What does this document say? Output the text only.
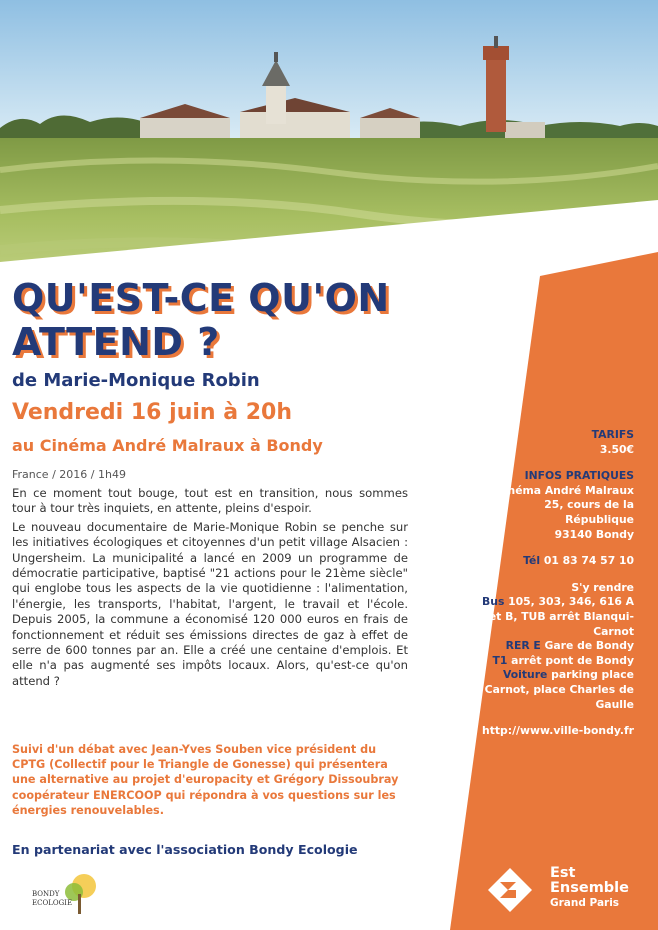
QU'EST-CE QU'ON ATTEND ?
de Marie-Monique Robin
Vendredi 16 juin à 20h
au Cinéma André Malraux à Bondy
France / 2016 / 1h49

En ce moment tout bouge, tout est en transition, nous sommes tour à tour très inquiets, en attente, pleins d'espoir.

Le nouveau documentaire de Marie-Monique Robin se penche sur les initiatives écologiques et citoyennes d'un petit village Alsacien : Ungersheim. La municipalité a lancé en 2009 un programme de démocratie participative, baptisé "21 actions pour le 21ème siècle" qui englobe tous les aspects de la vie quotidienne : l'alimentation, l'énergie, les transports, l'habitat, l'argent, le travail et l'école. Depuis 2005, la commune a économisé 120 000 euros en frais de fonctionnement et réduit ses émissions directes de gaz à effet de serre de 600 tonnes par an. Elle a créé une centaine d'emplois. Et elle n'a pas augmenté ses impôts locaux. Alors, qu'est-ce qu'on attend ?

Suivi d'un débat avec Jean-Yves Souben vice président du CPTG (Collectif pour le Triangle de Gonesse) qui présentera une alternative au projet d'europacity et Grégory Dissoubray coopérateur ENERCOOP qui répondra à vos questions sur les énergies renouvelables.
En partenariat avec l'association Bondy Ecologie
TARIFS
3.50€
INFOS PRATIQUES
Cinéma André Malraux
25, cours de la République
93140 Bondy
Tél 01 83 74 57 10
S'y rendre
Bus 105, 303, 346, 616 A et B, TUB arrêt Blanqui-Carnot
RER E Gare de Bondy
T1 arrêt pont de Bondy
Voiture parking place Carnot, place Charles de Gaulle
http://www.ville-bondy.fr
BONDY
ECOLOGIE
Est
Ensemble
Grand Paris
